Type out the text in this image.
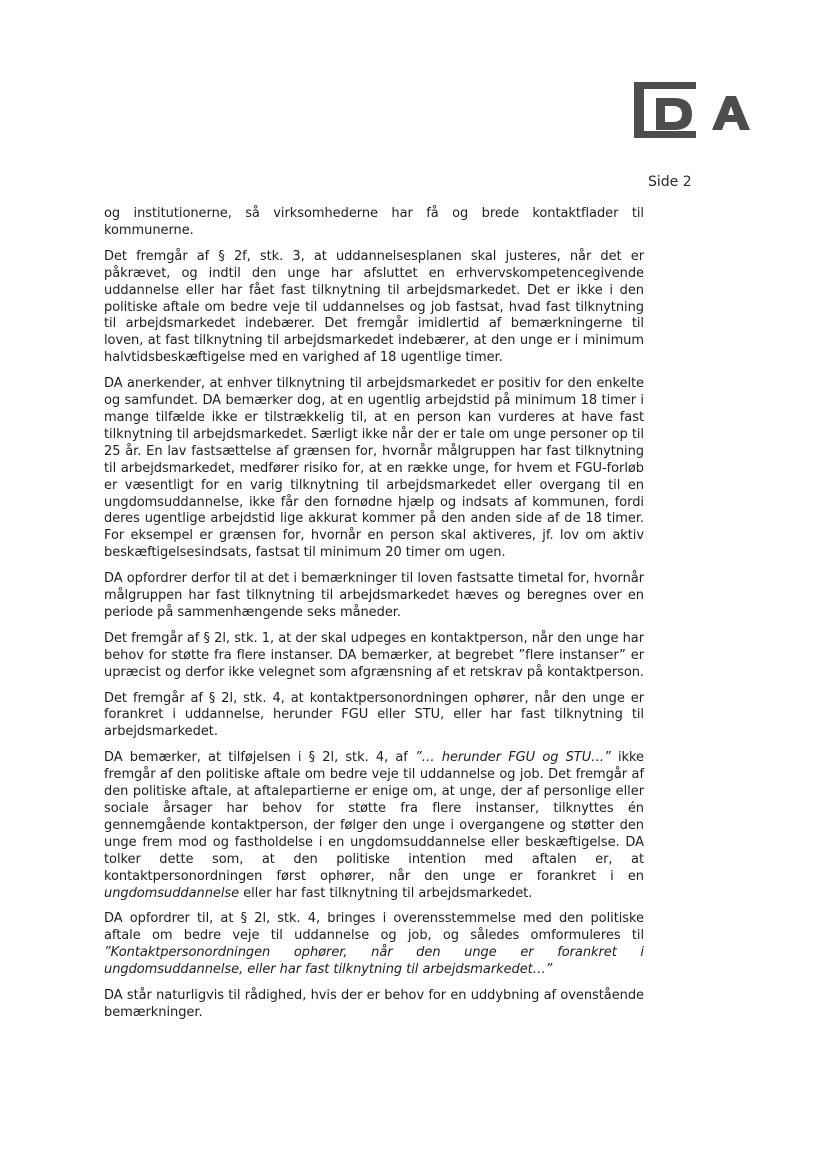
Side 2

og institutionerne, så virksomhederne har få og brede kontaktflader til kommunerne.

Det fremgår af § 2f, stk. 3, at uddannelsesplanen skal justeres, når det er påkrævet, og indtil den unge har afsluttet en erhvervskompetencegivende uddannelse eller har fået fast tilknytning til arbejdsmarkedet. Det er ikke i den politiske aftale om bedre veje til uddannelses og job fastsat, hvad fast tilknytning til arbejdsmarkedet indebærer. Det fremgår imidlertid af bemærkningerne til loven, at fast tilknytning til arbejdsmarkedet indebærer, at den unge er i minimum halvtidsbeskæftigelse med en varighed af 18 ugentlige timer.

DA anerkender, at enhver tilknytning til arbejdsmarkedet er positiv for den enkelte og samfundet. DA bemærker dog, at en ugentlig arbejdstid på minimum 18 timer i mange tilfælde ikke er tilstrækkelig til, at en person kan vurderes at have fast tilknytning til arbejdsmarkedet. Særligt ikke når der er tale om unge personer op til 25 år. En lav fastsættelse af grænsen for, hvornår målgruppen har fast tilknytning til arbejdsmarkedet, medfører risiko for, at en række unge, for hvem et FGU-forløb er væsentligt for en varig tilknytning til arbejdsmarkedet eller overgang til en ungdomsuddannelse, ikke får den fornødne hjælp og indsats af kommunen, fordi deres ugentlige arbejdstid lige akkurat kommer på den anden side af de 18 timer. For eksempel er grænsen for, hvornår en person skal aktiveres, jf. lov om aktiv beskæftigelsesindsats, fastsat til minimum 20 timer om ugen.

DA opfordrer derfor til at det i bemærkninger til loven fastsatte timetal for, hvornår målgruppen har fast tilknytning til arbejdsmarkedet hæves og beregnes over en periode på sammenhængende seks måneder.

Det fremgår af § 2l, stk. 1, at der skal udpeges en kontaktperson, når den unge har behov for støtte fra flere instanser. DA bemærker, at begrebet ”flere instanser” er upræcist og derfor ikke velegnet som afgrænsning af et retskrav på kontaktperson.

Det fremgår af § 2l, stk. 4, at kontaktpersonordningen ophører, når den unge er forankret i uddannelse, herunder FGU eller STU, eller har fast tilknytning til arbejdsmarkedet.

DA bemærker, at tilføjelsen i § 2l, stk. 4, af ”… herunder FGU og STU…” ikke fremgår af den politiske aftale om bedre veje til uddannelse og job. Det fremgår af den politiske aftale, at aftalepartierne er enige om, at unge, der af personlige eller sociale årsager har behov for støtte fra flere instanser, tilknyttes én gennemgående kontaktperson, der følger den unge i overgangene og støtter den unge frem mod og fastholdelse i en ungdomsuddannelse eller beskæftigelse. DA tolker dette som, at den politiske intention med aftalen er, at kontaktpersonordningen først ophører, når den unge er forankret i en ungdomsuddannelse eller har fast tilknytning til arbejdsmarkedet.

DA opfordrer til, at § 2l, stk. 4, bringes i overensstemmelse med den politiske aftale om bedre veje til uddannelse og job, og således omformuleres til ”Kontaktpersonordningen ophører, når den unge er forankret i ungdomsuddannelse, eller har fast tilknytning til arbejdsmarkedet…”

DA står naturligvis til rådighed, hvis der er behov for en uddybning af ovenstående bemærkninger.
